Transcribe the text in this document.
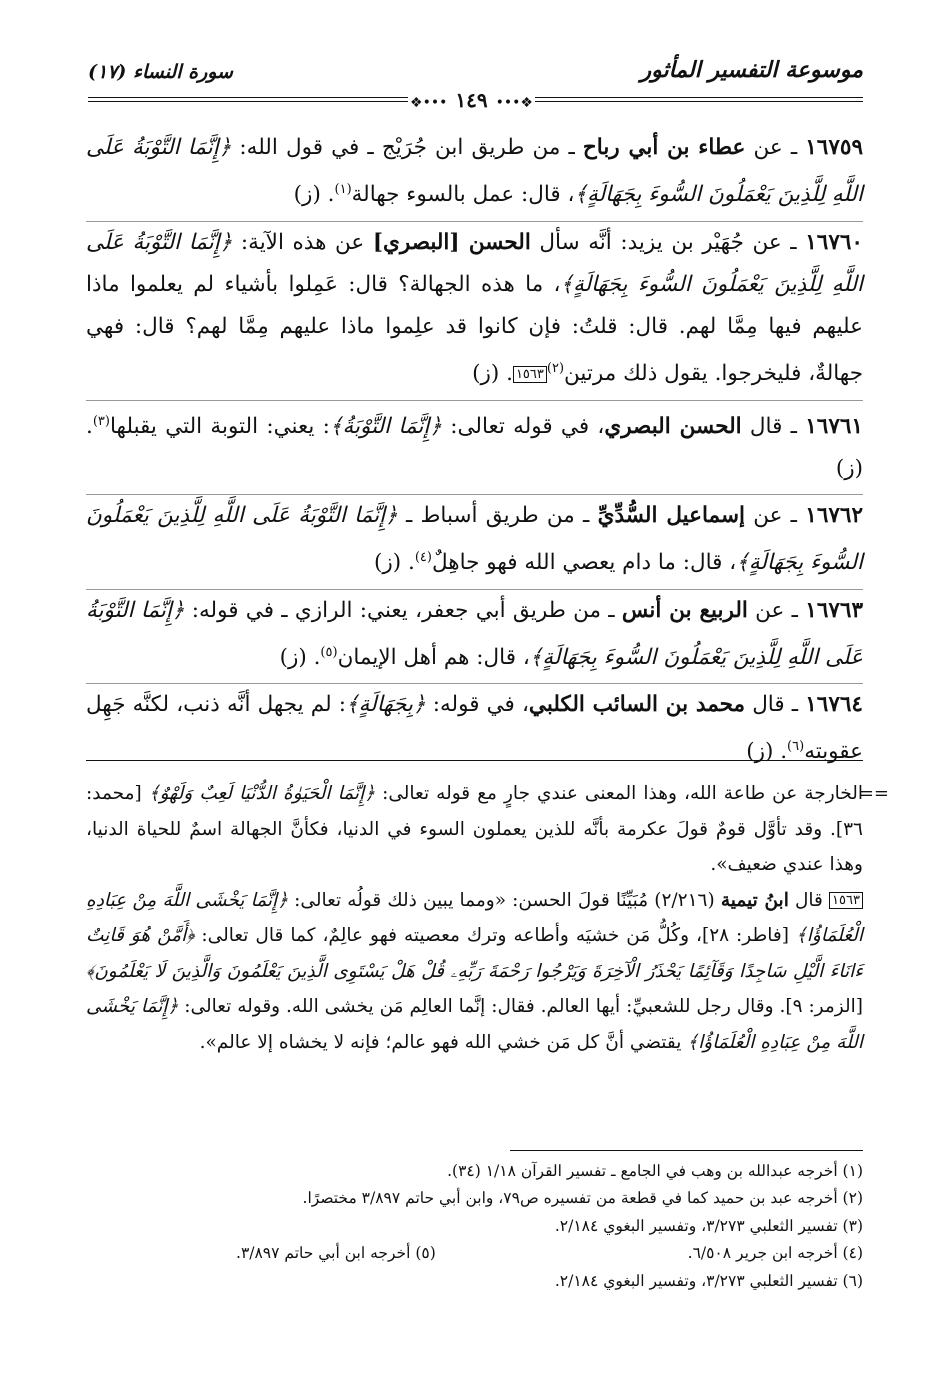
موسوعة التفسير المأثور
سورة النساء (١٧)
❖•••١٤٩•••❖

١٦٧٥٩ ـ عن عطاء بن أبي رباح ـ من طريق ابن جُرَيْج ـ في قول الله: ﴿إِنَّمَا التَّوْبَةُ عَلَى اللَّهِ لِلَّذِينَ يَعْمَلُونَ السُّوءَ بِجَهَالَةٍ﴾، قال: عمل بالسوء جهالة$^{(١)}$. (ز)

١٦٧٦٠ ـ عن جُهَيْر بن يزيد: أنَّه سأل الحسن [البصري] عن هذه الآية: ﴿إِنَّمَا التَّوْبَةُ عَلَى اللَّهِ لِلَّذِينَ يَعْمَلُونَ السُّوءَ بِجَهَالَةٍ﴾، ما هذه الجهالة؟ قال: عَمِلوا بأشياء لم يعلموا ماذا عليهم فيها مِمَّا لهم. قال: قلتُ: فإن كانوا قد علِموا ماذا عليهم مِمَّا لهم؟ قال: فهي جهالةٌ، فليخرجوا. يقول ذلك مرتين$^{(٢)}$١٥٦٣. (ز)

١٦٧٦١ ـ قال الحسن البصري، في قوله تعالى: ﴿إِنَّمَا التَّوْبَةُ﴾: يعني: التوبة التي يقبلها$^{(٣)}$. (ز)

١٦٧٦٢ ـ عن إسماعيل السُّدِّيِّ ـ من طريق أسباط ـ ﴿إِنَّمَا التَّوْبَةُ عَلَى اللَّهِ لِلَّذِينَ يَعْمَلُونَ السُّوءَ بِجَهَالَةٍ﴾، قال: ما دام يعصي الله فهو جاهِلٌ$^{(٤)}$. (ز)

١٦٧٦٣ ـ عن الربيع بن أنس ـ من طريق أبي جعفر، يعني: الرازي ـ في قوله: ﴿إِنَّمَا التَّوْبَةُ عَلَى اللَّهِ لِلَّذِينَ يَعْمَلُونَ السُّوءَ بِجَهَالَةٍ﴾، قال: هم أهل الإيمان$^{(٥)}$. (ز)

١٦٧٦٤ ـ قال محمد بن السائب الكلبي، في قوله: ﴿بِجَهَالَةٍ﴾: لم يجهل أنَّه ذنب، لكنَّه جَهِل عقوبته$^{(٦)}$. (ز)

==

الخارجة عن طاعة الله، وهذا المعنى عندي جارٍ مع قوله تعالى: ﴿إِنَّمَا الْحَيَوٰةُ الدُّنْيَا لَعِبٌ وَلَهْوٌ﴾ [محمد: ٣٦]. وقد تأوَّل قومٌ قولَ عكرمة بأنَّه للذين يعملون السوء في الدنيا، فكأنَّ الجهالة اسمٌ للحياة الدنيا، وهذا عندي ضعيف».

١٥٦٣ قال ابنُ تيمية (٢/٢١٦) مُبَيِّنًا قولَ الحسن: «ومما يبين ذلك قولُه تعالى: ﴿إِنَّمَا يَخْشَى اللَّهَ مِنْ عِبَادِهِ الْعُلَمَاؤُا﴾ [فاطر: ٢٨]، وكُلُّ مَن خشيَه وأطاعه وترك معصيته فهو عالِمٌ، كما قال تعالى: ﴿أَمَّنْ هُوَ قَانِتٌ ءَانَاءَ الَّيْلِ سَاجِدًا وَقَآئِمًا يَحْذَرُ الْآخِرَةَ وَيَرْجُوا رَحْمَةَ رَبِّهِۦ قُلْ هَلْ يَسْتَوِى الَّذِينَ يَعْلَمُونَ وَالَّذِينَ لَا يَعْلَمُونَ﴾ [الزمر: ٩]. وقال رجل للشعبيِّ: أيها العالم. فقال: إنَّما العالِم مَن يخشى الله. وقوله تعالى: ﴿إِنَّمَا يَخْشَى اللَّهَ مِنْ عِبَادِهِ الْعُلَمَاؤُا﴾ يقتضي أنَّ كل مَن خشي الله فهو عالم؛ فإنه لا يخشاه إلا عالم».

(١) أخرجه عبدالله بن وهب في الجامع ـ تفسير القرآن ١/١٨ (٣٤).
(٢) أخرجه عبد بن حميد كما في قطعة من تفسيره ص٧٩، وابن أبي حاتم ٣/٨٩٧ مختصرًا.
(٣) تفسير الثعلبي ٣/٢٧٣، وتفسير البغوي ٢/١٨٤.
(٤) أخرجه ابن جرير ٦/٥٠٨.
(٥) أخرجه ابن أبي حاتم ٣/٨٩٧.
(٦) تفسير الثعلبي ٣/٢٧٣، وتفسير البغوي ٢/١٨٤.
